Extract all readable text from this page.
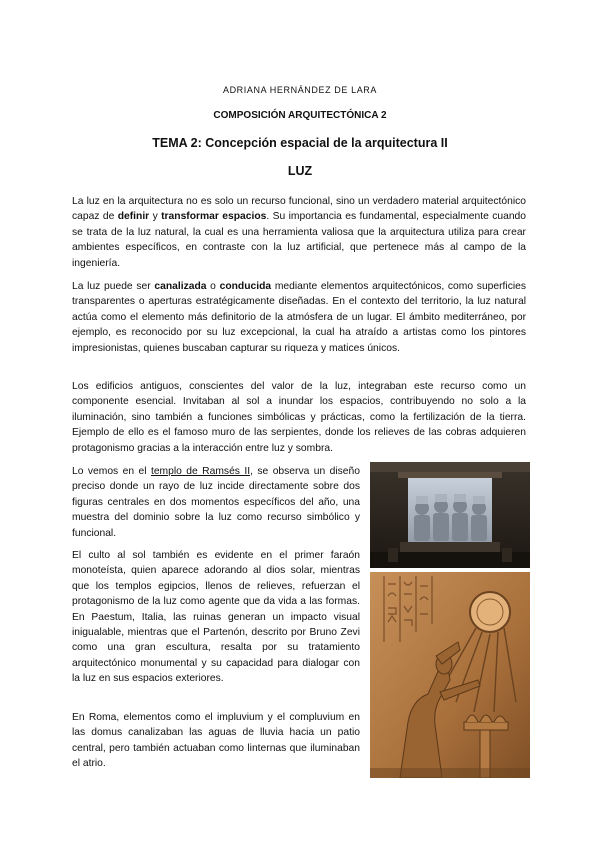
ADRIANA HERNÁNDEZ DE LARA
COMPOSICIÓN ARQUITECTÓNICA 2
TEMA 2: Concepción espacial de la arquitectura II
LUZ

La luz en la arquitectura no es solo un recurso funcional, sino un verdadero material arquitectónico capaz de definir y transformar espacios. Su importancia es fundamental, especialmente cuando se trata de la luz natural, la cual es una herramienta valiosa que la arquitectura utiliza para crear ambientes específicos, en contraste con la luz artificial, que pertenece más al campo de la ingeniería.

La luz puede ser canalizada o conducida mediante elementos arquitectónicos, como superficies transparentes o aperturas estratégicamente diseñadas. En el contexto del territorio, la luz natural actúa como el elemento más definitorio de la atmósfera de un lugar. El ámbito mediterráneo, por ejemplo, es reconocido por su luz excepcional, la cual ha atraído a artistas como los pintores impresionistas, quienes buscaban capturar su riqueza y matices únicos.

Los edificios antiguos, conscientes del valor de la luz, integraban este recurso como un componente esencial. Invitaban al sol a inundar los espacios, contribuyendo no solo a la iluminación, sino también a funciones simbólicas y prácticas, como la fertilización de la tierra. Ejemplo de ello es el famoso muro de las serpientes, donde los relieves de las cobras adquieren protagonismo gracias a la interacción entre luz y sombra.

Lo vemos en el templo de Ramsés II, se observa un diseño preciso donde un rayo de luz incide directamente sobre dos figuras centrales en dos momentos específicos del año, una muestra del dominio sobre la luz como recurso simbólico y funcional.

El culto al sol también es evidente en el primer faraón monoteísta, quien aparece adorando al dios solar, mientras que los templos egipcios, llenos de relieves, refuerzan el protagonismo de la luz como agente que da vida a las formas. En Paestum, Italia, las ruinas generan un impacto visual inigualable, mientras que el Partenón, descrito por Bruno Zevi como una gran escultura, resalta por su tratamiento arquitectónico monumental y su capacidad para dialogar con la luz en sus espacios exteriores.

En Roma, elementos como el impluvium y el compluvium en las domus canalizaban las aguas de lluvia hacia un patio central, pero también actuaban como linternas que iluminaban el atrio.
